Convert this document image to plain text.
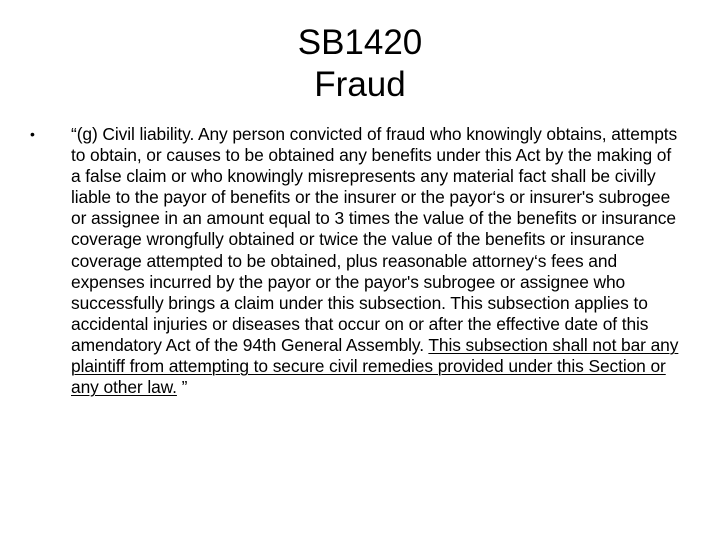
SB1420
Fraud
•	“(g) Civil liability. Any person convicted of fraud who knowingly obtains, attempts to obtain, or causes to be obtained any benefits under this Act by the making of a false claim or who knowingly misrepresents any material fact shall be civilly liable to the payor of benefits or the insurer or the payor‘s or insurer's subrogee or assignee in an amount equal to 3 times the value of the benefits or insurance coverage wrongfully obtained or twice the value of the benefits or insurance coverage attempted to be obtained, plus reasonable attorney‘s fees and expenses incurred by the payor or the payor's subrogee or assignee who successfully brings a claim under this subsection. This subsection applies to accidental injuries or diseases that occur on or after the effective date of this amendatory Act of the 94th General Assembly. This subsection shall not bar any plaintiff from attempting to secure civil remedies provided under this Section or any other law. ”
